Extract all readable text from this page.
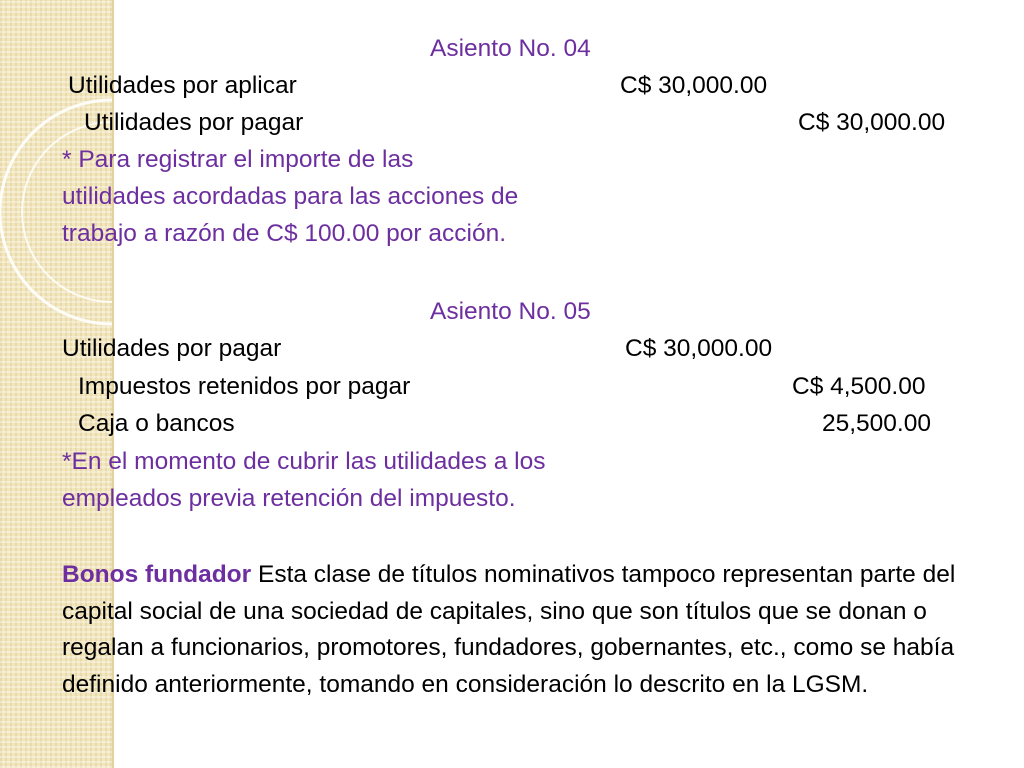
Asiento No. 04
Utilidades por aplicar	C$ 30,000.00
Utilidades por pagar	C$ 30,000.00
* Para registrar el importe de las
utilidades acordadas para las acciones de
trabajo a razón de C$ 100.00 por acción.
Asiento No. 05
Utilidades por pagar	C$ 30,000.00
Impuestos retenidos por pagar	C$ 4,500.00
Caja o bancos	25,500.00
*En el momento de cubrir las utilidades a los
empleados previa retención del impuesto.
Bonos fundador Esta clase de títulos nominativos tampoco representan parte del capital social de una sociedad de capitales, sino que son títulos que se donan o regalan a funcionarios, promotores, fundadores, gobernantes, etc., como se había definido anteriormente, tomando en consideración lo descrito en la LGSM.
